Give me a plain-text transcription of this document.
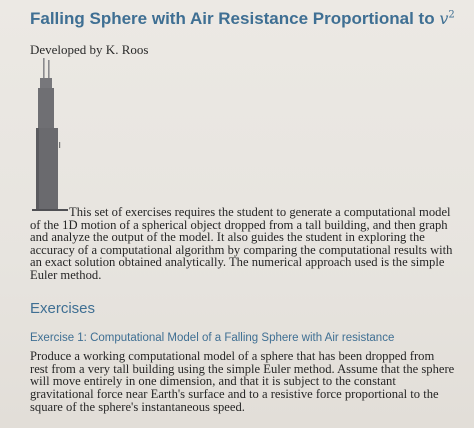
Falling Sphere with Air Resistance Proportional to $v^2$
Developed by K. Roos
This set of exercises requires the student to generate a computational model
of the 1D motion of a spherical object dropped from a tall building, and then graph
and analyze the output of the model. It also guides the student in exploring the
accuracy of a computational algorithm by comparing the computational results with
an exact solution obtained analytically. The numerical approach used is the simple
Euler method.
Exercises
Exercise 1: Computational Model of a Falling Sphere with Air resistance
Produce a working computational model of a sphere that has been dropped from
rest from a very tall building using the simple Euler method. Assume that the sphere
will move entirely in one dimension, and that it is subject to the constant
gravitational force near Earth's surface and to a resistive force proportional to the
square of the sphere's instantaneous speed.
